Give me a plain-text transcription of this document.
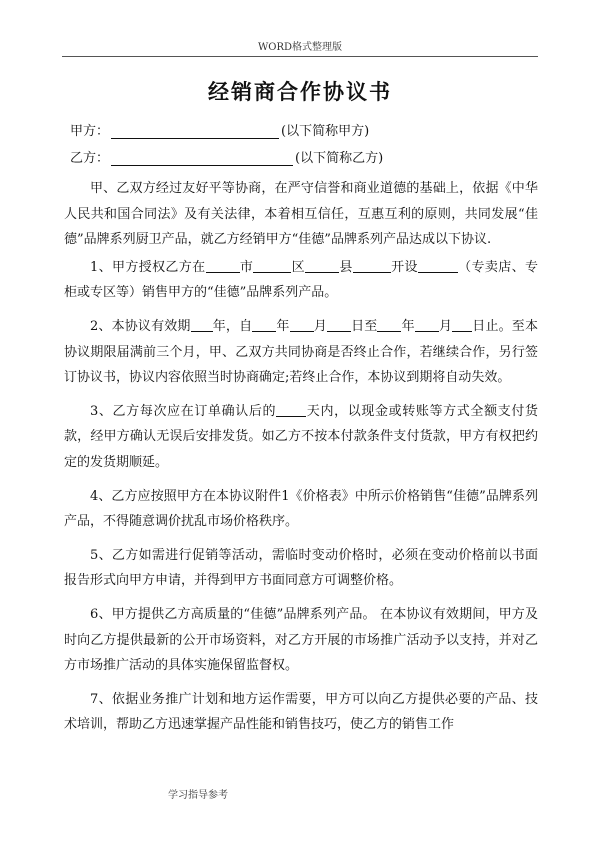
WORD格式整理版
经销商合作协议书
甲方：	(以下简称甲方)
乙方：	(以下简称乙方)

甲、乙双方经过友好平等协商，在严守信誉和商业道德的基础上，依据《中华人民共和国合同法》及有关法律，本着相互信任，互惠互利的原则，共同发展“佳德”品牌系列厨卫产品，就乙方经销甲方“佳德”品牌系列产品达成以下协议.

1、甲方授权乙方在	市	区	县	开设	（专卖店、专柜或专区等）销售甲方的“佳德”品牌系列产品。

2、本协议有效期 年，自 年 月 日至 年 月 日止。至本协议期限届满前三个月，甲、乙双方共同协商是否终止合作，若继续合作，另行签订协议书，协议内容依照当时协商确定;若终止合作，本协议到期将自动失效。

3、乙方每次应在订单确认后的 天内，以现金或转账等方式全额支付货款，经甲方确认无误后安排发货。如乙方不按本付款条件支付货款，甲方有权把约定的发货期顺延。

4、乙方应按照甲方在本协议附件1《价格表》中所示价格销售“佳德”品牌系列产品，不得随意调价扰乱市场价格秩序。

5、乙方如需进行促销等活动，需临时变动价格时，必须在变动价格前以书面报告形式向甲方申请，并得到甲方书面同意方可调整价格。

6、甲方提供乙方高质量的“佳德”品牌系列产品。 在本协议有效期间，甲方及时向乙方提供最新的公开市场资料，对乙方开展的市场推广活动予以支持，并对乙方市场推广活动的具体实施保留监督权。

7、依据业务推广计划和地方运作需要，甲方可以向乙方提供必要的产品、技术培训，帮助乙方迅速掌握产品性能和销售技巧，使乙方的销售工作

学习指导参考
